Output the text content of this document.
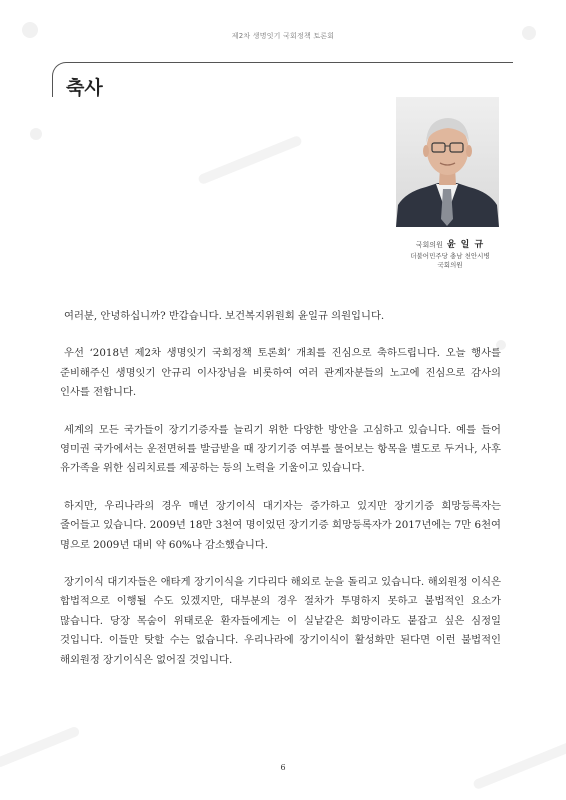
제2차 생명잇기 국회정책 토론회
축사
국회의원 윤 일 규
더불어민주당 충남 천안시병
국회의원

여러분, 안녕하십니까? 반갑습니다. 보건복지위원회 윤일규 의원입니다.

우선 ‘2018년 제2차 생명잇기 국회정책 토론회’ 개최를 진심으로 축하드립니다. 오늘 행사를 준비해주신 생명잇기 안규리 이사장님을 비롯하여 여러 관계자분들의 노고에 진심으로 감사의 인사를 전합니다.

세계의 모든 국가들이 장기기증자를 늘리기 위한 다양한 방안을 고심하고 있습니다. 예를 들어 영미권 국가에서는 운전면허를 발급받을 때 장기기증 여부를 물어보는 항목을 별도로 두거나, 사후 유가족을 위한 심리치료를 제공하는 등의 노력을 기울이고 있습니다.

하지만, 우리나라의 경우 매년 장기이식 대기자는 증가하고 있지만 장기기증 희망등록자는 줄어들고 있습니다. 2009년 18만 3천여 명이었던 장기기증 희망등록자가 2017년에는 7만 6천여 명으로 2009년 대비 약 60%나 감소했습니다.

장기이식 대기자들은 애타게 장기이식을 기다리다 해외로 눈을 돌리고 있습니다. 해외원정 이식은 합법적으로 이행될 수도 있겠지만, 대부분의 경우 절차가 투명하지 못하고 불법적인 요소가 많습니다. 당장 목숨이 위태로운 환자들에게는 이 실낱같은 희망이라도 붙잡고 싶은 심정일 것입니다. 이들만 탓할 수는 없습니다. 우리나라에 장기이식이 활성화만 된다면 이런 불법적인 해외원정 장기이식은 없어질 것입니다.

6
